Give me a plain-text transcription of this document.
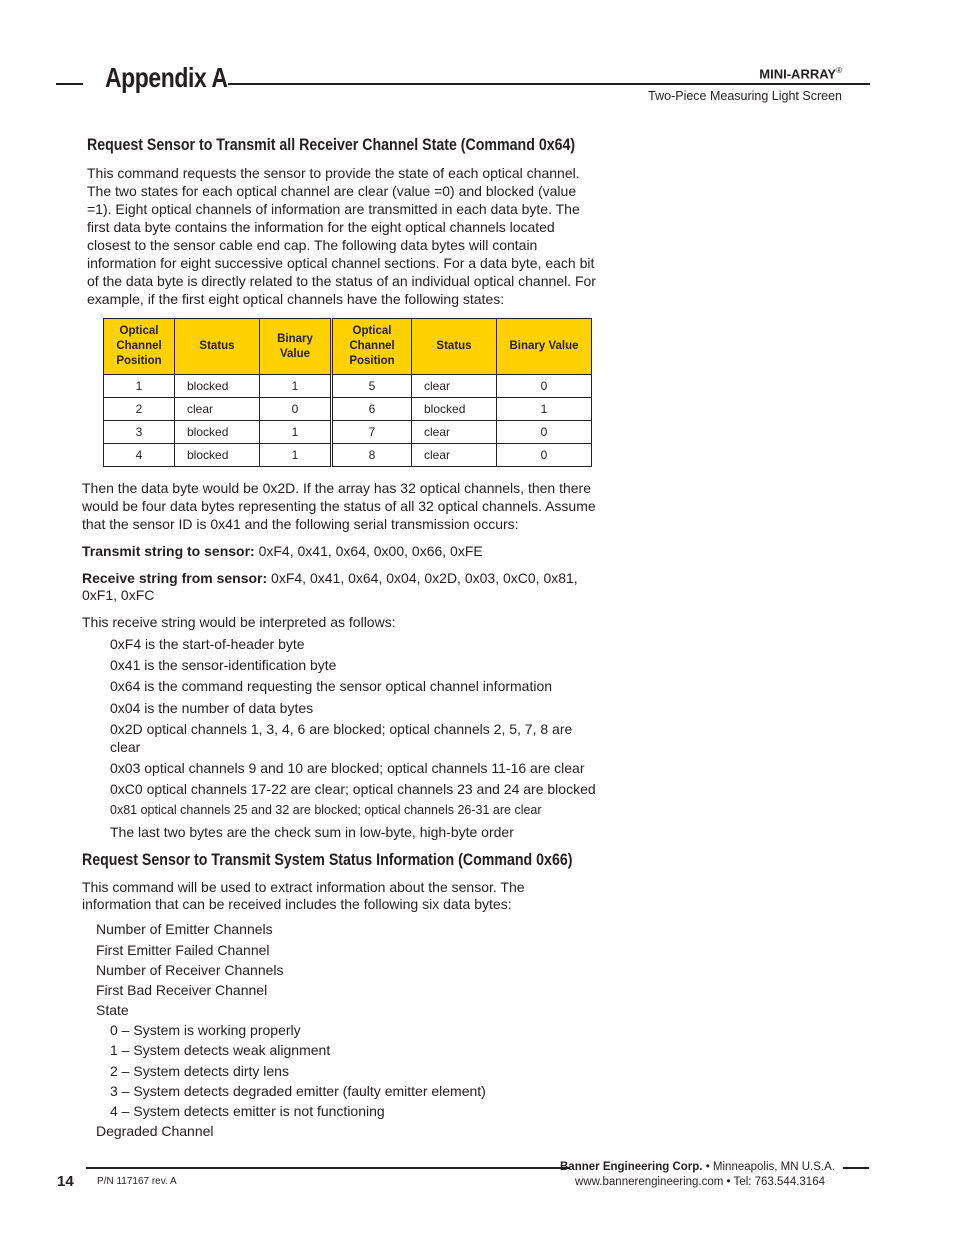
Appendix A	MINI-ARRAY®
Two-Piece Measuring Light Screen
Request Sensor to Transmit all Receiver Channel State (Command 0x64)
This command requests the sensor to provide the state of each optical channel.
The two states for each optical channel are clear (value =0) and blocked (value
=1). Eight optical channels of information are transmitted in each data byte. The
first data byte contains the information for the eight optical channels located
closest to the sensor cable end cap. The following data bytes will contain
information for eight successive optical channel sections. For a data byte, each bit
of the data byte is directly related to the status of an individual optical channel. For
example, if the first eight optical channels have the following states:
Optical Channel Position	Status	Binary Value	Optical Channel Position	Status	Binary Value
1	blocked	1	5	clear	0
2	clear	0	6	blocked	1
3	blocked	1	7	clear	0
4	blocked	1	8	clear	0
Then the data byte would be 0x2D. If the array has 32 optical channels, then there
would be four data bytes representing the status of all 32 optical channels. Assume
that the sensor ID is 0x41 and the following serial transmission occurs:
Transmit string to sensor: 0xF4, 0x41, 0x64, 0x00, 0x66, 0xFE
Receive string from sensor: 0xF4, 0x41, 0x64, 0x04, 0x2D, 0x03, 0xC0, 0x81,
0xF1, 0xFC
This receive string would be interpreted as follows:
0xF4 is the start-of-header byte
0x41 is the sensor-identification byte
0x64 is the command requesting the sensor optical channel information
0x04 is the number of data bytes
0x2D optical channels 1, 3, 4, 6 are blocked; optical channels 2, 5, 7, 8 are
clear
0x03 optical channels 9 and 10 are blocked; optical channels 11-16 are clear
0xC0 optical channels 17-22 are clear; optical channels 23 and 24 are blocked
0x81 optical channels 25 and 32 are blocked; optical channels 26-31 are clear
The last two bytes are the check sum in low-byte, high-byte order
Request Sensor to Transmit System Status Information (Command 0x66)
This command will be used to extract information about the sensor. The
information that can be received includes the following six data bytes:
Number of Emitter Channels
First Emitter Failed Channel
Number of Receiver Channels
First Bad Receiver Channel
State
0 – System is working properly
1 – System detects weak alignment
2 – System detects dirty lens
3 – System detects degraded emitter (faulty emitter element)
4 – System detects emitter is not functioning
Degraded Channel
14 P/N 117167 rev. A
Banner Engineering Corp. • Minneapolis, MN U.S.A.
www.bannerengineering.com • Tel: 763.544.3164
